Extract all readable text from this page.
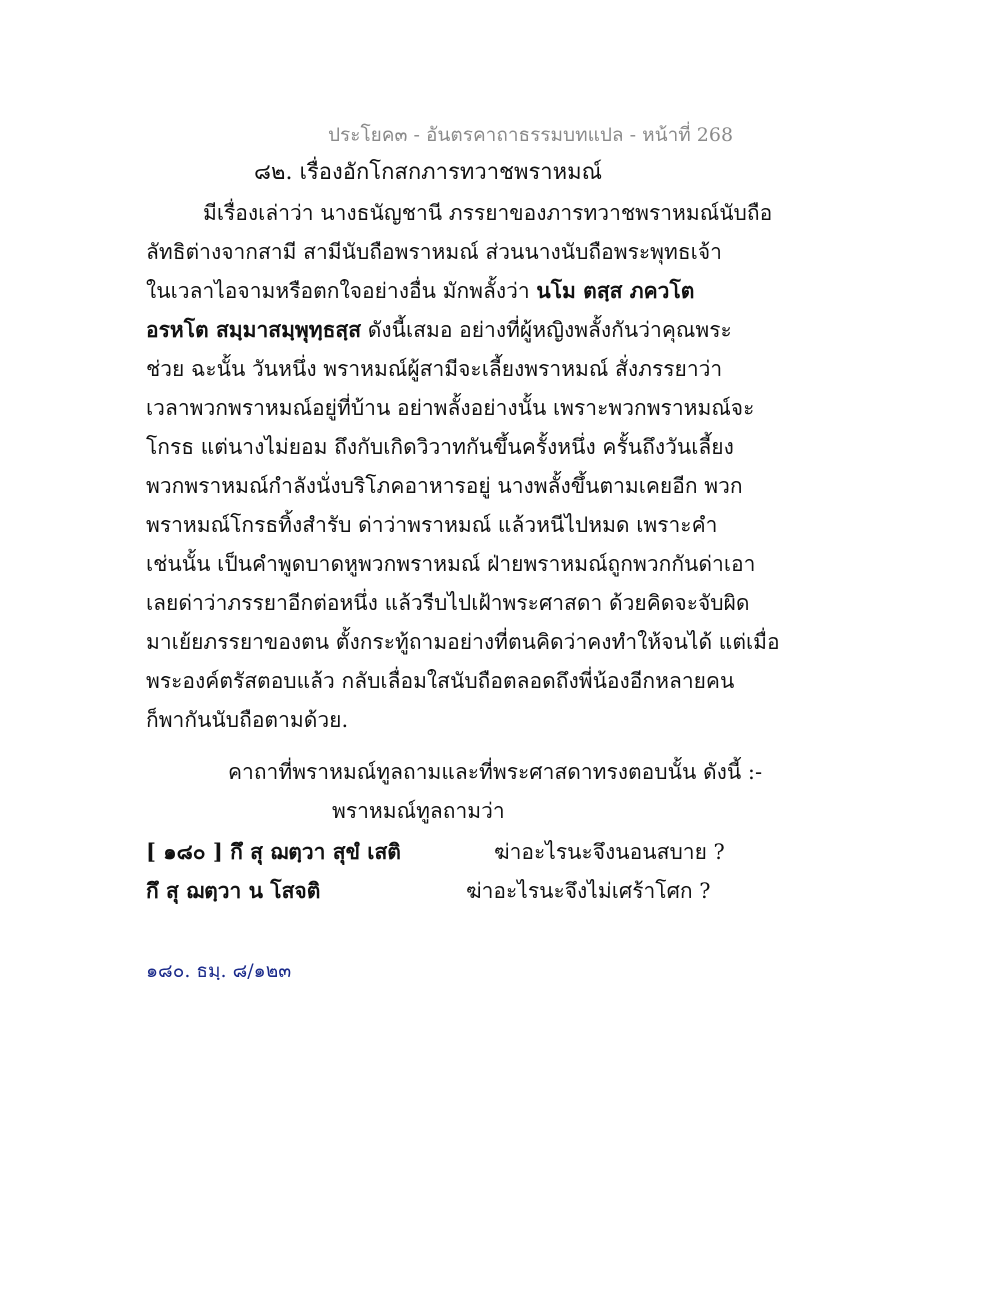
ประโยค๓ - อันตรคาถาธรรมบทแปล - หน้าที่ 268
๘๒. เรื่องอักโกสกภารทวาชพราหมณ์
มีเรื่องเล่าว่า นางธนัญชานี ภรรยาของภารทวาชพราหมณ์นับถือ
ลัทธิต่างจากสามี สามีนับถือพราหมณ์ ส่วนนางนับถือพระพุทธเจ้า
ในเวลาไอจามหรือตกใจอย่างอื่น มักพลั้งว่า นโม ตสฺส ภควโต
อรหโต สมฺมาสมฺพุทฺธสฺส ดังนี้เสมอ อย่างที่ผู้หญิงพลั้งกันว่าคุณพระ
ช่วย ฉะนั้น วันหนึ่ง พราหมณ์ผู้สามีจะเลี้ยงพราหมณ์ สั่งภรรยาว่า
เวลาพวกพราหมณ์อยู่ที่บ้าน อย่าพลั้งอย่างนั้น เพราะพวกพราหมณ์จะ
โกรธ แต่นางไม่ยอม ถึงกับเกิดวิวาทกันขึ้นครั้งหนึ่ง ครั้นถึงวันเลี้ยง
พวกพราหมณ์กำลังนั่งบริโภคอาหารอยู่ นางพลั้งขึ้นตามเคยอีก พวก
พราหมณ์โกรธทิ้งสำรับ ด่าว่าพราหมณ์ แล้วหนีไปหมด เพราะคำ
เช่นนั้น เป็นคำพูดบาดหูพวกพราหมณ์ ฝ่ายพราหมณ์ถูกพวกกันด่าเอา
เลยด่าว่าภรรยาอีกต่อหนึ่ง แล้วรีบไปเฝ้าพระศาสดา ด้วยคิดจะจับผิด
มาเย้ยภรรยาของตน ตั้งกระทู้ถามอย่างที่ตนคิดว่าคงทำให้จนได้ แต่เมื่อ
พระองค์ตรัสตอบแล้ว กลับเลื่อมใสนับถือตลอดถึงพี่น้องอีกหลายคน
ก็พากันนับถือตามด้วย.
คาถาที่พราหมณ์ทูลถามและที่พระศาสดาทรงตอบนั้น ดังนี้ :-
พราหมณ์ทูลถามว่า
[ ๑๘๐ ] กึ สุ ฌตฺวา สุขํ เสติ	ฆ่าอะไรนะจึงนอนสบาย ?
กึ สุ ฌตฺวา น โสจติ	ฆ่าอะไรนะจึงไม่เศร้าโศก ?
๑๘๐. ธมฺ. ๘/๑๒๓
